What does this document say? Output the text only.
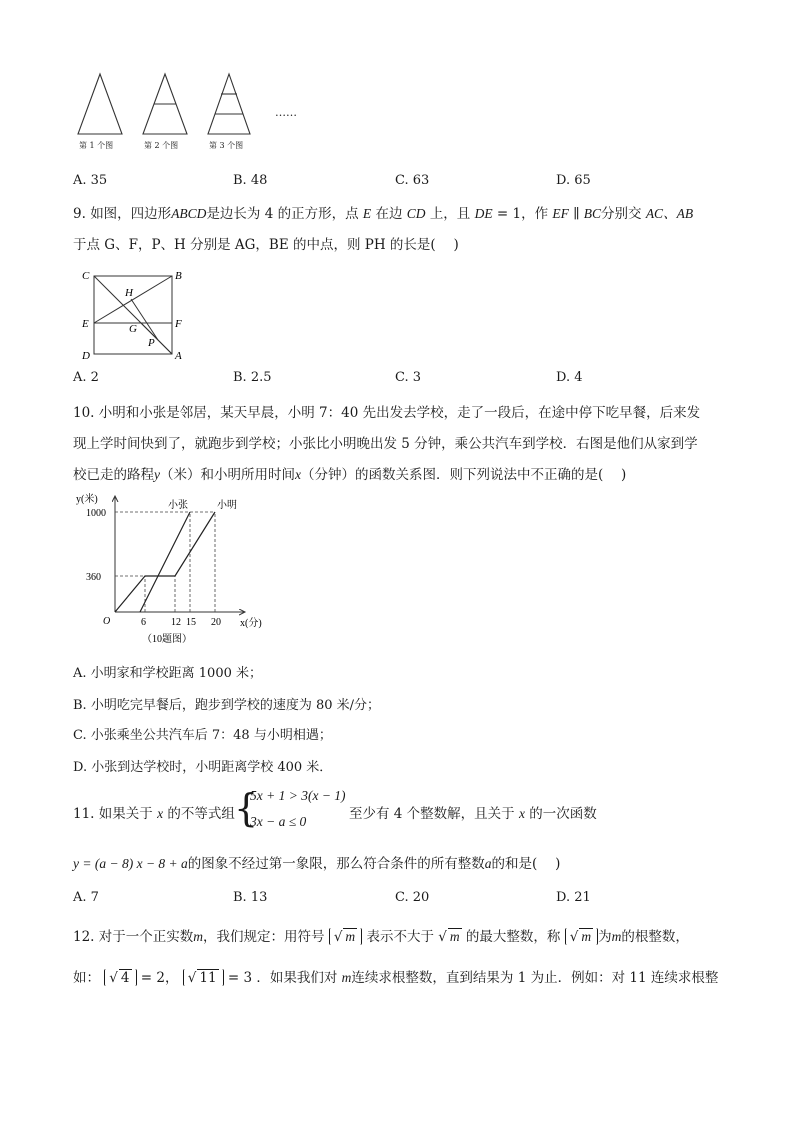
第 1 个图	第 2 个图	第 3 个图
……
A. 35	B. 48	C. 63	D. 65
9. 如图，四边形ABCD是边长为 4 的正方形，点 E 在边 CD 上，且 DE = 1，作 EF ∥ BC分别交 AC、AB
于点 G、F，P、H 分别是 AG，BE 的中点，则 PH 的长是(　 )
C	B
H
E	G	F
D
P
A
A. 2	B. 2.5	C. 3	D. 4
10. 小明和小张是邻居，某天早晨，小明 7：40 先出发去学校，走了一段后，在途中停下吃早餐，后来发
现上学时间快到了，就跑步到学校；小张比小明晚出发 5 分钟，乘公共汽车到学校．右图是他们从家到学
校已走的路程y（米）和小明所用时间x（分钟）的函数关系图．则下列说法中不正确的是(　 )
x(分)
y(米)
O
360
1000
6	12 15 20
小张	小明
（10题图）
A. 小明家和学校距离 1000 米；
B. 小明吃完早餐后，跑步到学校的速度为 80 米/分；
C. 小张乘坐公共汽车后 7：48 与小明相遇；
D. 小张到达学校时，小明距离学校 400 米．
11. 如果关于 x 的不等式组 {
5x + 1 > 3(x − 1)
3x − a ≤ 0	至少有 4 个整数解，且关于 x 的一次函数
y = (a − 8) x − 8 + a的图象不经过第一象限，那么符合条件的所有整数a的和是(　 )
A. 7	B. 13	C. 20	D. 21
12. 对于一个正实数m，我们规定：用符号 √ m 表示不大于 √ m 的最大整数，称 √ m 为m的根整数，
如： √ 4 = 2， √ 11 = 3 ．如果我们对 m连续求根整数，直到结果为 1 为止．例如：对 11 连续求根整
